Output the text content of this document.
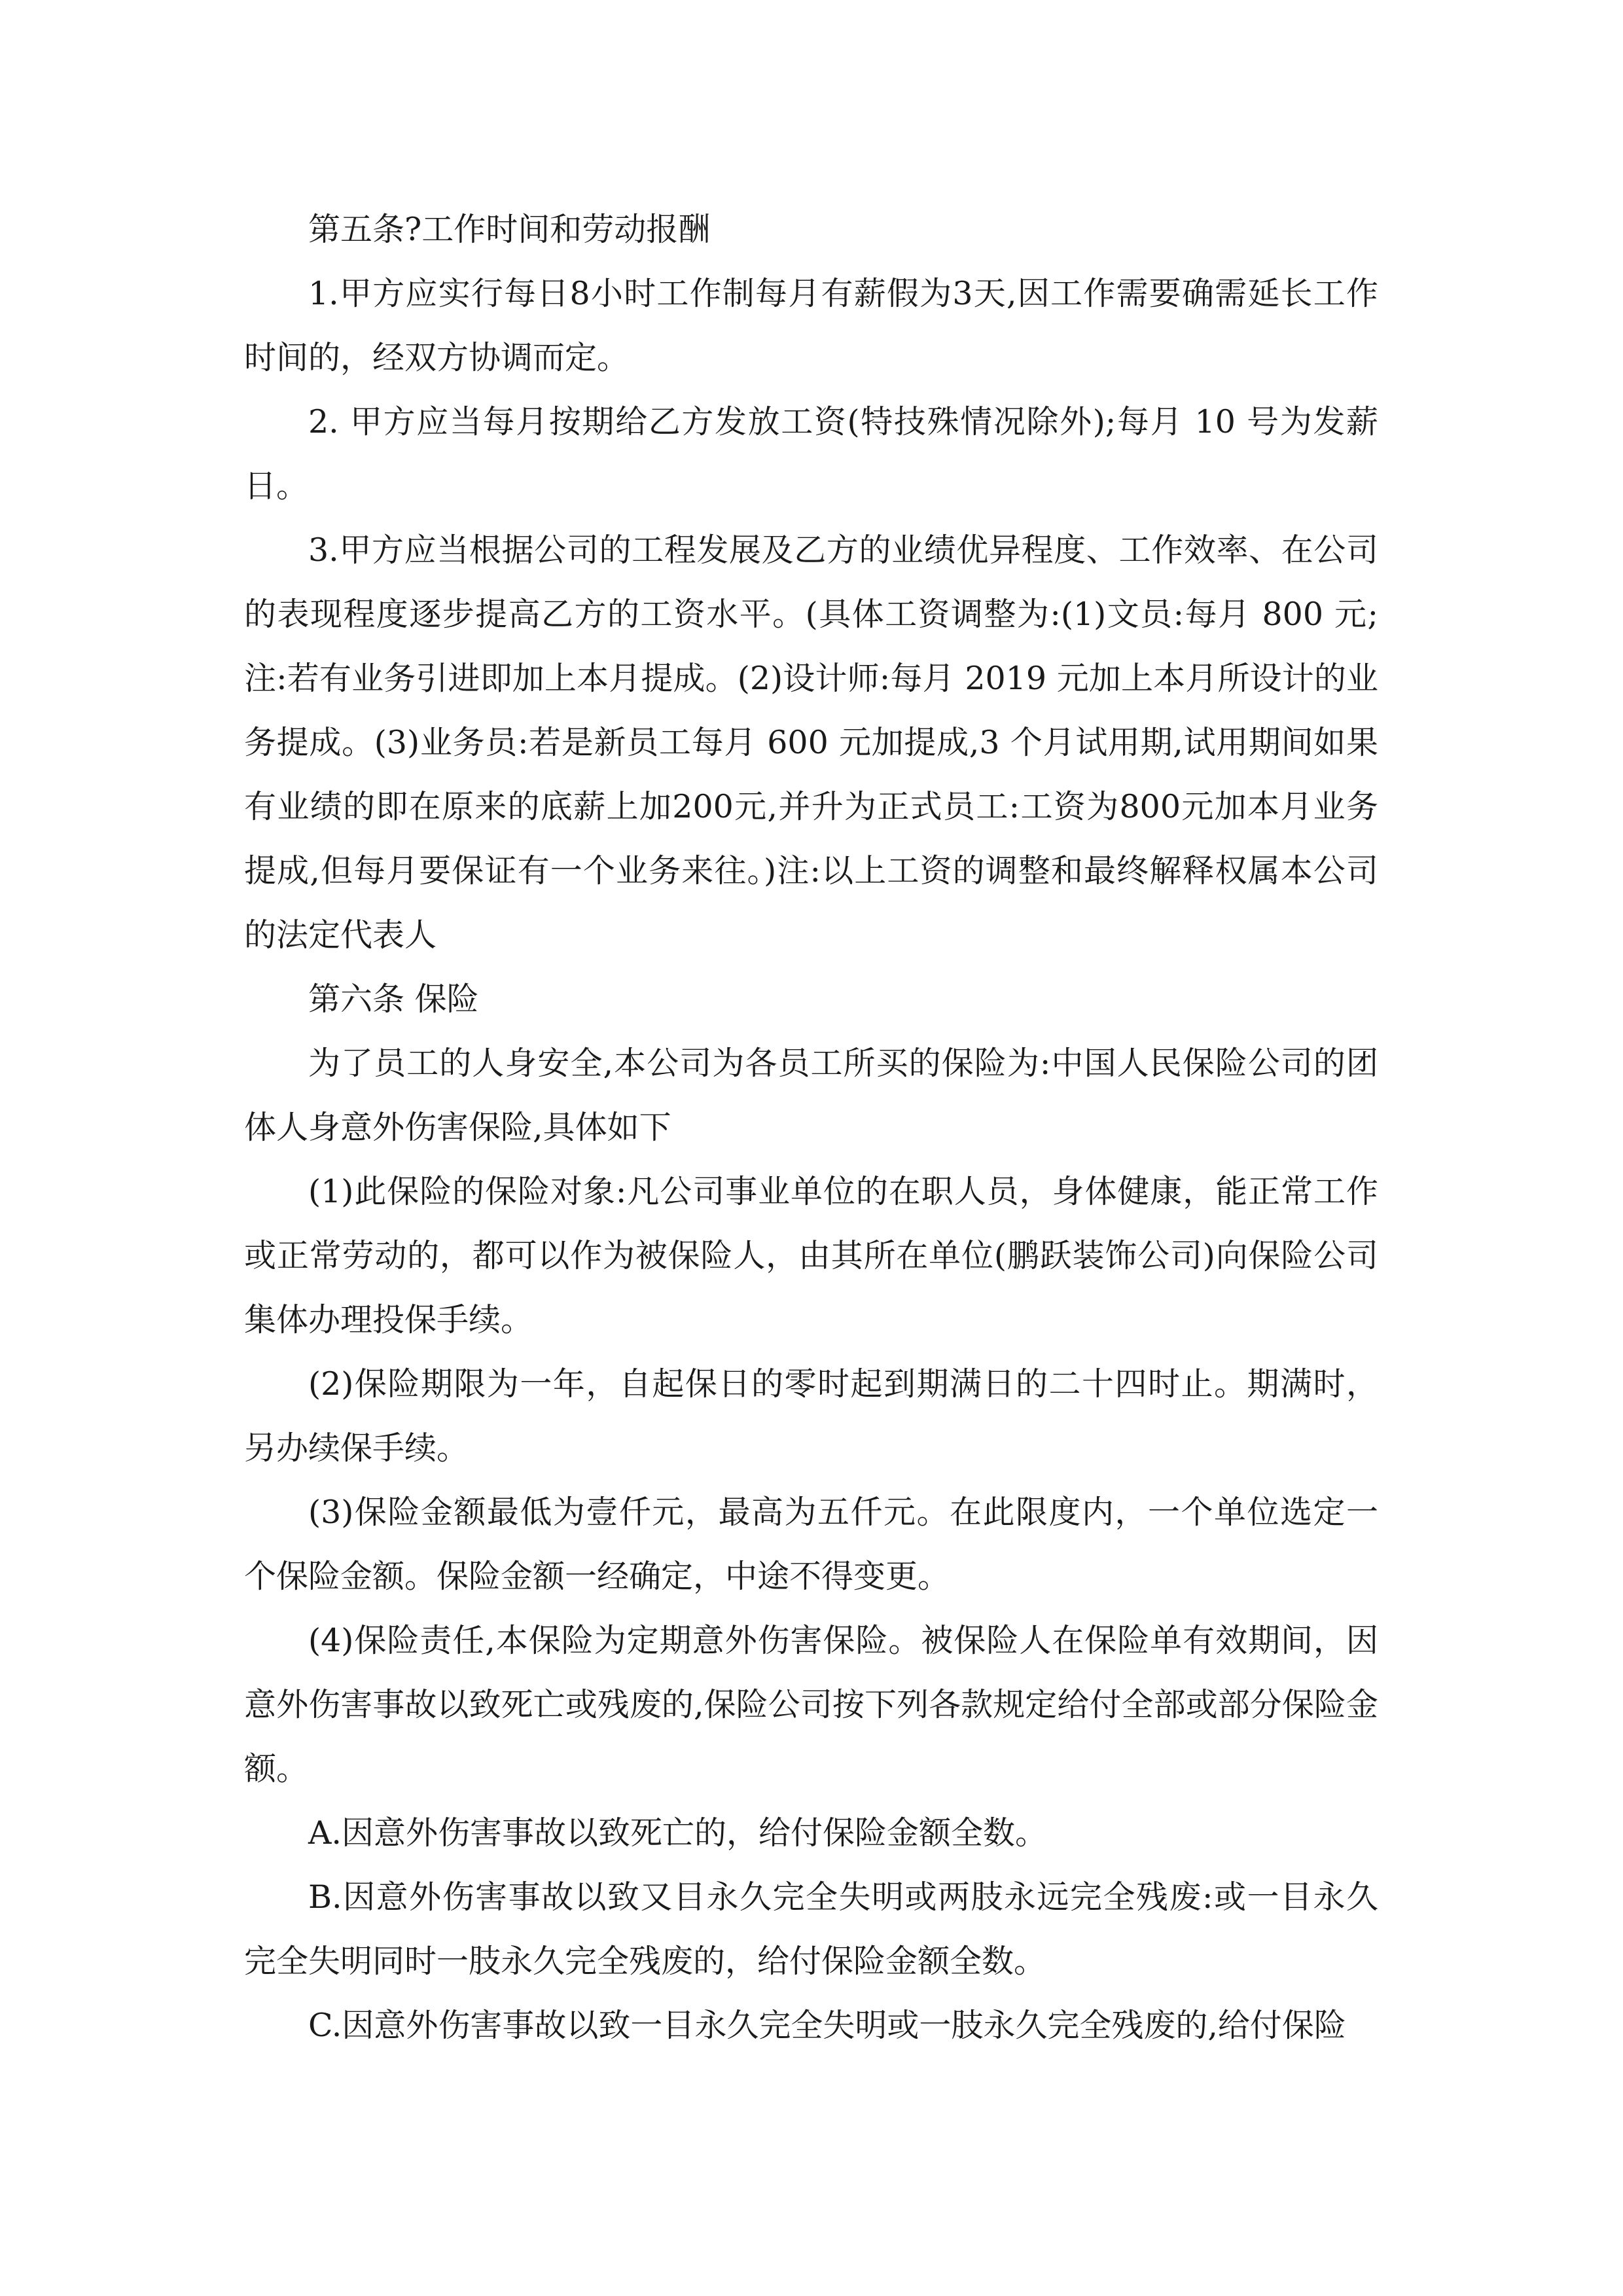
第五条?工作时间和劳动报酬

1.甲方应实行每日8小时工作制每月有薪假为3天,因工作需要确需延长工作时间的，经双方协调而定。

2. 甲方应当每月按期给乙方发放工资(特技殊情况除外);每月 10 号为发薪日。

3.甲方应当根据公司的工程发展及乙方的业绩优异程度、工作效率、在公司的表现程度逐步提高乙方的工资水平。(具体工资调整为:(1)文员:每月 800 元;注:若有业务引进即加上本月提成。(2)设计师:每月 2019 元加上本月所设计的业务提成。(3)业务员:若是新员工每月 600 元加提成,3 个月试用期,试用期间如果有业绩的即在原来的底薪上加200元,并升为正式员工:工资为800元加本月业务提成,但每月要保证有一个业务来往。)注:以上工资的调整和最终解释权属本公司的法定代表人

第六条 保险

为了员工的人身安全,本公司为各员工所买的保险为:中国人民保险公司的团体人身意外伤害保险,具体如下

(1)此保险的保险对象:凡公司事业单位的在职人员，身体健康，能正常工作或正常劳动的，都可以作为被保险人，由其所在单位(鹏跃装饰公司)向保险公司集体办理投保手续。

(2)保险期限为一年，自起保日的零时起到期满日的二十四时止。期满时，另办续保手续。

(3)保险金额最低为壹仟元，最高为五仟元。在此限度内，一个单位选定一个保险金额。保险金额一经确定，中途不得变更。

(4)保险责任,本保险为定期意外伤害保险。被保险人在保险单有效期间，因意外伤害事故以致死亡或残废的,保险公司按下列各款规定给付全部或部分保险金额。

A.因意外伤害事故以致死亡的，给付保险金额全数。

B.因意外伤害事故以致又目永久完全失明或两肢永远完全残废:或一目永久完全失明同时一肢永久完全残废的，给付保险金额全数。

C.因意外伤害事故以致一目永久完全失明或一肢永久完全残废的,给付保险
